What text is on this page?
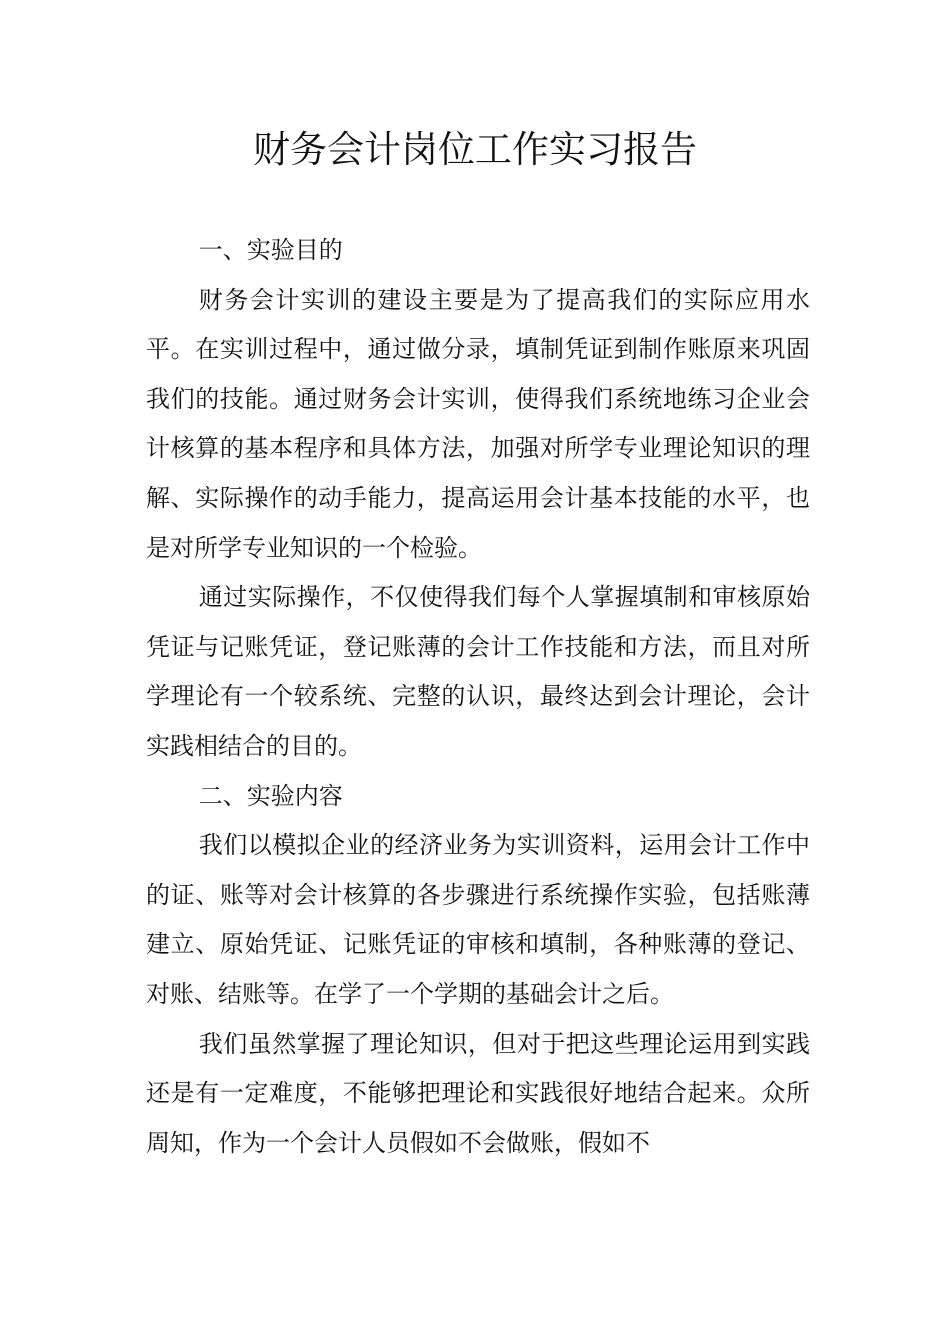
财务会计岗位工作实习报告
一、实验目的

财务会计实训的建设主要是为了提高我们的实际应用水平。在实训过程中，通过做分录，填制凭证到制作账原来巩固我们的技能。通过财务会计实训，使得我们系统地练习企业会计核算的基本程序和具体方法，加强对所学专业理论知识的理解、实际操作的动手能力，提高运用会计基本技能的水平，也是对所学专业知识的一个检验。

通过实际操作，不仅使得我们每个人掌握填制和审核原始凭证与记账凭证，登记账薄的会计工作技能和方法，而且对所学理论有一个较系统、完整的认识，最终达到会计理论，会计实践相结合的目的。

二、实验内容

我们以模拟企业的经济业务为实训资料，运用会计工作中的证、账等对会计核算的各步骤进行系统操作实验，包括账薄建立、原始凭证、记账凭证的审核和填制，各种账薄的登记、对账、结账等。在学了一个学期的基础会计之后。

我们虽然掌握了理论知识，但对于把这些理论运用到实践还是有一定难度，不能够把理论和实践很好地结合起来。众所周知，作为一个会计人员假如不会做账，假如不
